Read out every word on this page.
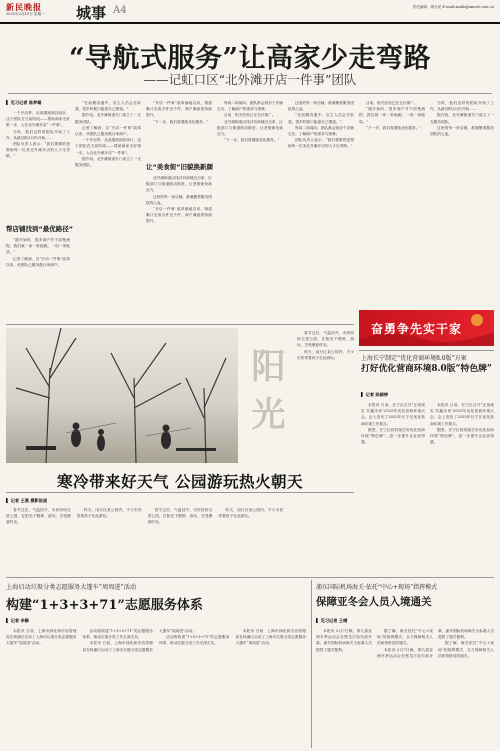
新民晚报
2025年2月10日 星期一 城事 A4	责任编辑：胡为民 E-mail:xmhb@xmwb.com.cn
“导航式服务”让高家少走弯路
——记虹口区“北外滩开店一件事”团队
▌ 见习记者 陈梦璐

一个开店梦，从高端到到初设计，这个团队在当前阶段——帮助商家走好第一步，人在北外滩开店“一件事”。

当时，他们这样的团队开始了工作，从最初的2月份开始……

团队负责人表示：“我们要做的是帮助每一位来北外滩开店的人少走弯路。”

帮店铺找到“最优路径”

“刚开始时，很多商户并不清楚流程，我们就一家一家地跑，一项一项地讲。”

记者了解到，自“开店一件事”改革以来，该团队已服务数百家商户。

“在前期沟通中，店主人员会告诉我，很多时候只能靠自己摸索。”

据介绍，北外滩街道专门成立了一支服务团队。

记者了解到，自“开店一件事”改革以来，该团队已服务数百家商户。

一个开店梦，从高端到到初设计，这个团队在当前阶段——帮助商家走好第一步，人在北外滩开店“一件事”。

据介绍，北外滩街道专门成立了一支服务团队。

“开店一件事”改革落地以来，街道累计完成办件近千件，商户满意度持续提升。

“下一步，我们将继续优化服务。”

让“美食街”旧貌换新颜

北外滩街道沿线共有商铺近百家，区级部门与街道联动推进，让老街焕发新活力。

这里的每一家店铺，都凝聚着服务团队的心血。

“开店一件事”改革落地以来，街道累计完成办件近千件，商户满意度持续提升。

每周二和周四，团队都会到各个店铺走访，了解商户的需求与困难。

目前，相关经验已在全区推广。

北外滩街道沿线共有商铺近百家，区级部门与街道联动推进，让老街焕发新活力。

“下一步，我们将继续优化服务。”

这里的每一家店铺，都凝聚着服务团队的心血。

“在前期沟通中，店主人员会告诉我，很多时候只能靠自己摸索。”

每周二和周四，团队都会到各个店铺走访，了解商户的需求与困难。

团队负责人表示：“我们要做的是帮助每一位来北外滩开店的人少走弯路。”

目前，相关经验已在全区推广。

“刚开始时，很多商户并不清楚流程，我们就一家一家地跑，一项一项地讲。”

“下一步，我们将继续优化服务。”

当时，他们这样的团队开始了工作，从最初的2月份开始……

据介绍，北外滩街道专门成立了一支服务团队。

这里的每一家店铺，都凝聚着服务团队的心血。

奋勇争先实干家
阳光

春节过后，气温回升，市民纷纷走进公园，在阳光下锻炼、游玩，享受惬意时光。

昨天，闵行区某公园内，不少市民带着孩子在此游玩。

寒冷带来好天气 公园游玩热火朝天
▌ 记者 王燕 摄影报道

春节过后，气温回升，市民纷纷走进公园，在阳光下锻炼、游玩，享受惬意时光。

昨天，闵行区某公园内，不少市民带着孩子在此游玩。

春节过后，气温回升，市民纷纷走进公园，在阳光下锻炼、游玩，享受惬意时光。

昨天，闵行区某公园内，不少市民带着孩子在此游玩。

上海长宁制定“优化营商环境8.0版”方案
打好优化营商环境8.0版“特色牌”
▌ 记者 陈颖婷

本报讯 日前，长宁区召开“正视现实 共赢未来”2025年优化营商环境大会，会上发布了2025年长宁区优化营商环境工作要点。

据悉，长宁区将持续打好优化营商环境“特色牌”，进一步提升企业获得感。

本报讯 日前，长宁区召开“正视现实 共赢未来”2025年优化营商环境大会，会上发布了2025年长宁区优化营商环境工作要点。

据悉，长宁区将持续打好优化营商环境“特色牌”，进一步提升企业获得感。

上海启动垃圾分类志愿服务大篷车“周周进”活动
构建“1+3+3+71”志愿服务体系
▌ 记者 李静

本报讯 日前，上海市绿化和市容管理局在杨浦区启动了上海市垃圾分类志愿服务大篷车“周周进”活动。

活动将构建“1+3+3+71”的志愿服务体系，推动垃圾分类工作走深走实。

本报讯 日前，上海市绿化和市容管理局在杨浦区启动了上海市垃圾分类志愿服务大篷车“周周进”活动。

活动将构建“1+3+3+71”的志愿服务体系，推动垃圾分类工作走深走实。

本报讯 日前，上海市绿化和市容管理局在杨浦区启动了上海市垃圾分类志愿服务大篷车“周周进”活动。

浦东国际机场海关·依托“中心+现场”指挥模式
保障亚冬会人员入境通关
▌ 见习记者 王晴

本报讯 2月7日晚，第九届亚洲冬季运动会在黑龙江哈尔滨开幕，浦东国际机场海关为参赛人员提供了通关便利。

据了解，海关依托“中心+现场”的指挥模式，全力保障相关人员和物资高效通关。

本报讯 2月7日晚，第九届亚洲冬季运动会在黑龙江哈尔滨开幕，浦东国际机场海关为参赛人员提供了通关便利。

据了解，海关依托“中心+现场”的指挥模式，全力保障相关人员和物资高效通关。
